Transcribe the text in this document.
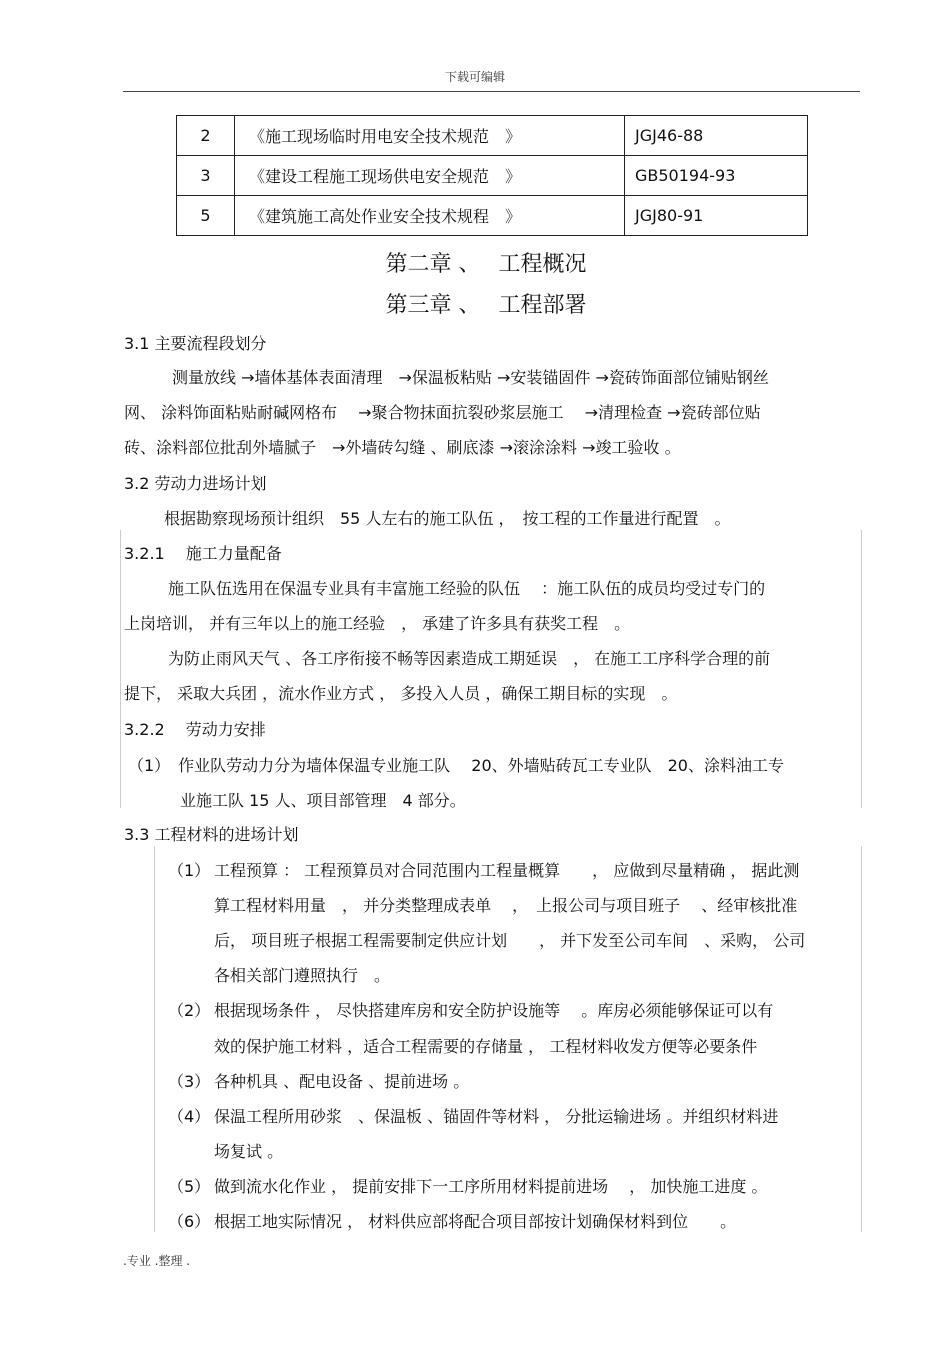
下载可编辑
2	《施工现场临时用电安全技术规范　》	JGJ46-88
3	《建设工程施工现场供电安全规范　》	GB50194-93
5	《建筑施工高处作业安全技术规程　》	JGJ80-91
第二章 、　 工程概况
第三章 、　 工程部署
3.1 主要流程段划分
测量放线 →墙体基体表面清理　→保温板粘贴 →安装锚固件 →瓷砖饰面部位铺贴钢丝
网、 涂料饰面粘贴耐碱网格布　 →聚合物抹面抗裂砂浆层施工　 →清理检查 →瓷砖部位贴
砖、涂料部位批刮外墙腻子　→外墙砖勾缝 、刷底漆 →滚涂涂料 →竣工验收 。
3.2 劳动力进场计划
根据勘察现场预计组织　55 人左右的施工队伍 ，　按工程的工作量进行配置　。
3.2.1　 施工力量配备
施工队伍选用在保温专业具有丰富施工经验的队伍　 ：施工队伍的成员均受过专门的
上岗培训， 并有三年以上的施工经验　， 承建了许多具有获奖工程　。
为防止雨风天气 、各工序衔接不畅等因素造成工期延误　， 在施工工序科学合理的前
提下， 采取大兵团 ，流水作业方式 ， 多投入人员 ，确保工期目标的实现　。
3.2.2　 劳动力安排
（1）　作业队劳动力分为墙体保温专业施工队　 20、外墙贴砖瓦工专业队　20、涂料油工专
业施工队 15 人、项目部管理　4 部分。
3.3 工程材料的进场计划
（1） 工程预算 ： 工程预算员对合同范围内工程量概算　　， 应做到尽量精确 ， 据此测
算工程材料用量　， 并分类整理成表单　 ，　上报公司与项目班子　 、经审核批准
后， 项目班子根据工程需要制定供应计划　　， 并下发至公司车间　、采购， 公司
各相关部门遵照执行　。
（2） 根据现场条件 ， 尽快搭建库房和安全防护设施等　 。库房必须能够保证可以有
效的保护施工材料 ，适合工程需要的存储量 ， 工程材料收发方便等必要条件
（3） 各种机具 、配电设备 、提前进场 。
（4） 保温工程所用砂浆　、保温板 、锚固件等材料 ， 分批运输进场 。并组织材料进
场复试 。
（5） 做到流水化作业 ， 提前安排下一工序所用材料提前进场　 ， 加快施工进度 。
（6） 根据工地实际情况 ， 材料供应部将配合项目部按计划确保材料到位　　。
.专业 .整理 .
